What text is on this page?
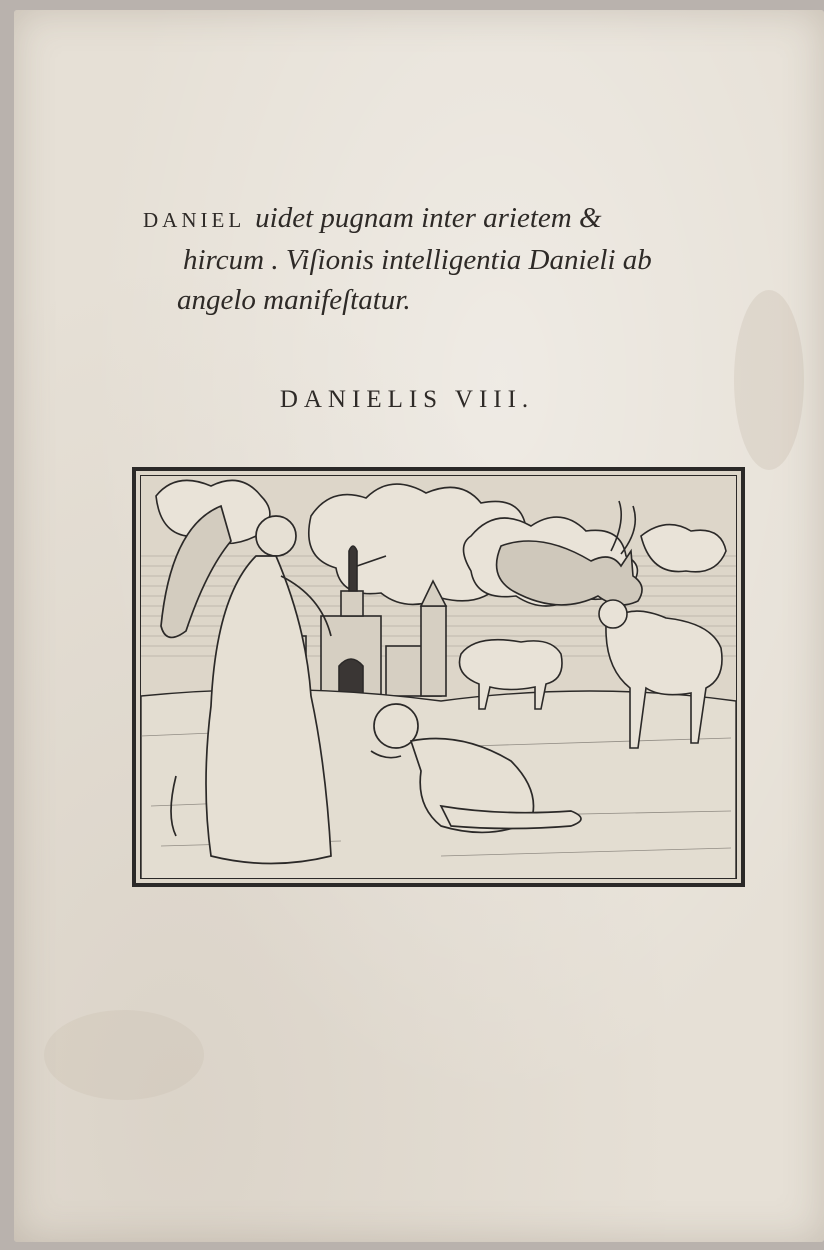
DANIEL uidet pugnam inter arietem &
hircum . Viſionis intelligentia Danieli ab
angelo manifeſtatur.
DANIELIS VIII.
